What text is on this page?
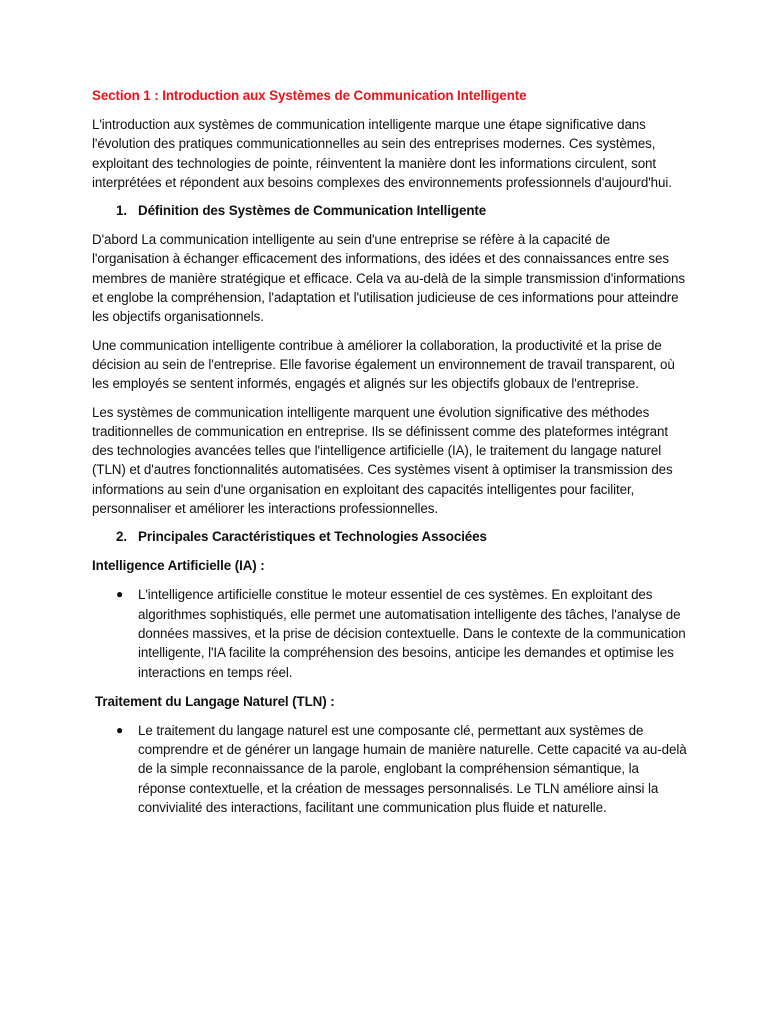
Section 1 : Introduction aux Systèmes de Communication Intelligente

L'introduction aux systèmes de communication intelligente marque une étape significative dans l'évolution des pratiques communicationnelles au sein des entreprises modernes. Ces systèmes, exploitant des technologies de pointe, réinventent la manière dont les informations circulent, sont interprétées et répondent aux besoins complexes des environnements professionnels d'aujourd'hui.

1. Définition des Systèmes de Communication Intelligente

D'abord La communication intelligente au sein d'une entreprise se réfère à la capacité de l'organisation à échanger efficacement des informations, des idées et des connaissances entre ses membres de manière stratégique et efficace. Cela va au-delà de la simple transmission d'informations et englobe la compréhension, l'adaptation et l'utilisation judicieuse de ces informations pour atteindre les objectifs organisationnels.

Une communication intelligente contribue à améliorer la collaboration, la productivité et la prise de décision au sein de l'entreprise. Elle favorise également un environnement de travail transparent, où les employés se sentent informés, engagés et alignés sur les objectifs globaux de l'entreprise.

Les systèmes de communication intelligente marquent une évolution significative des méthodes traditionnelles de communication en entreprise. Ils se définissent comme des plateformes intégrant des technologies avancées telles que l'intelligence artificielle (IA), le traitement du langage naturel (TLN) et d'autres fonctionnalités automatisées. Ces systèmes visent à optimiser la transmission des informations au sein d'une organisation en exploitant des capacités intelligentes pour faciliter, personnaliser et améliorer les interactions professionnelles.

2. Principales Caractéristiques et Technologies Associées
Intelligence Artificielle (IA) :
●	L'intelligence artificielle constitue le moteur essentiel de ces systèmes. En exploitant des algorithmes sophistiqués, elle permet une automatisation intelligente des tâches, l'analyse de données massives, et la prise de décision contextuelle. Dans le contexte de la communication intelligente, l'IA facilite la compréhension des besoins, anticipe les demandes et optimise les interactions en temps réel.
Traitement du Langage Naturel (TLN) :
●	Le traitement du langage naturel est une composante clé, permettant aux systèmes de comprendre et de générer un langage humain de manière naturelle. Cette capacité va au-delà de la simple reconnaissance de la parole, englobant la compréhension sémantique, la réponse contextuelle, et la création de messages personnalisés. Le TLN améliore ainsi la convivialité des interactions, facilitant une communication plus fluide et naturelle.
